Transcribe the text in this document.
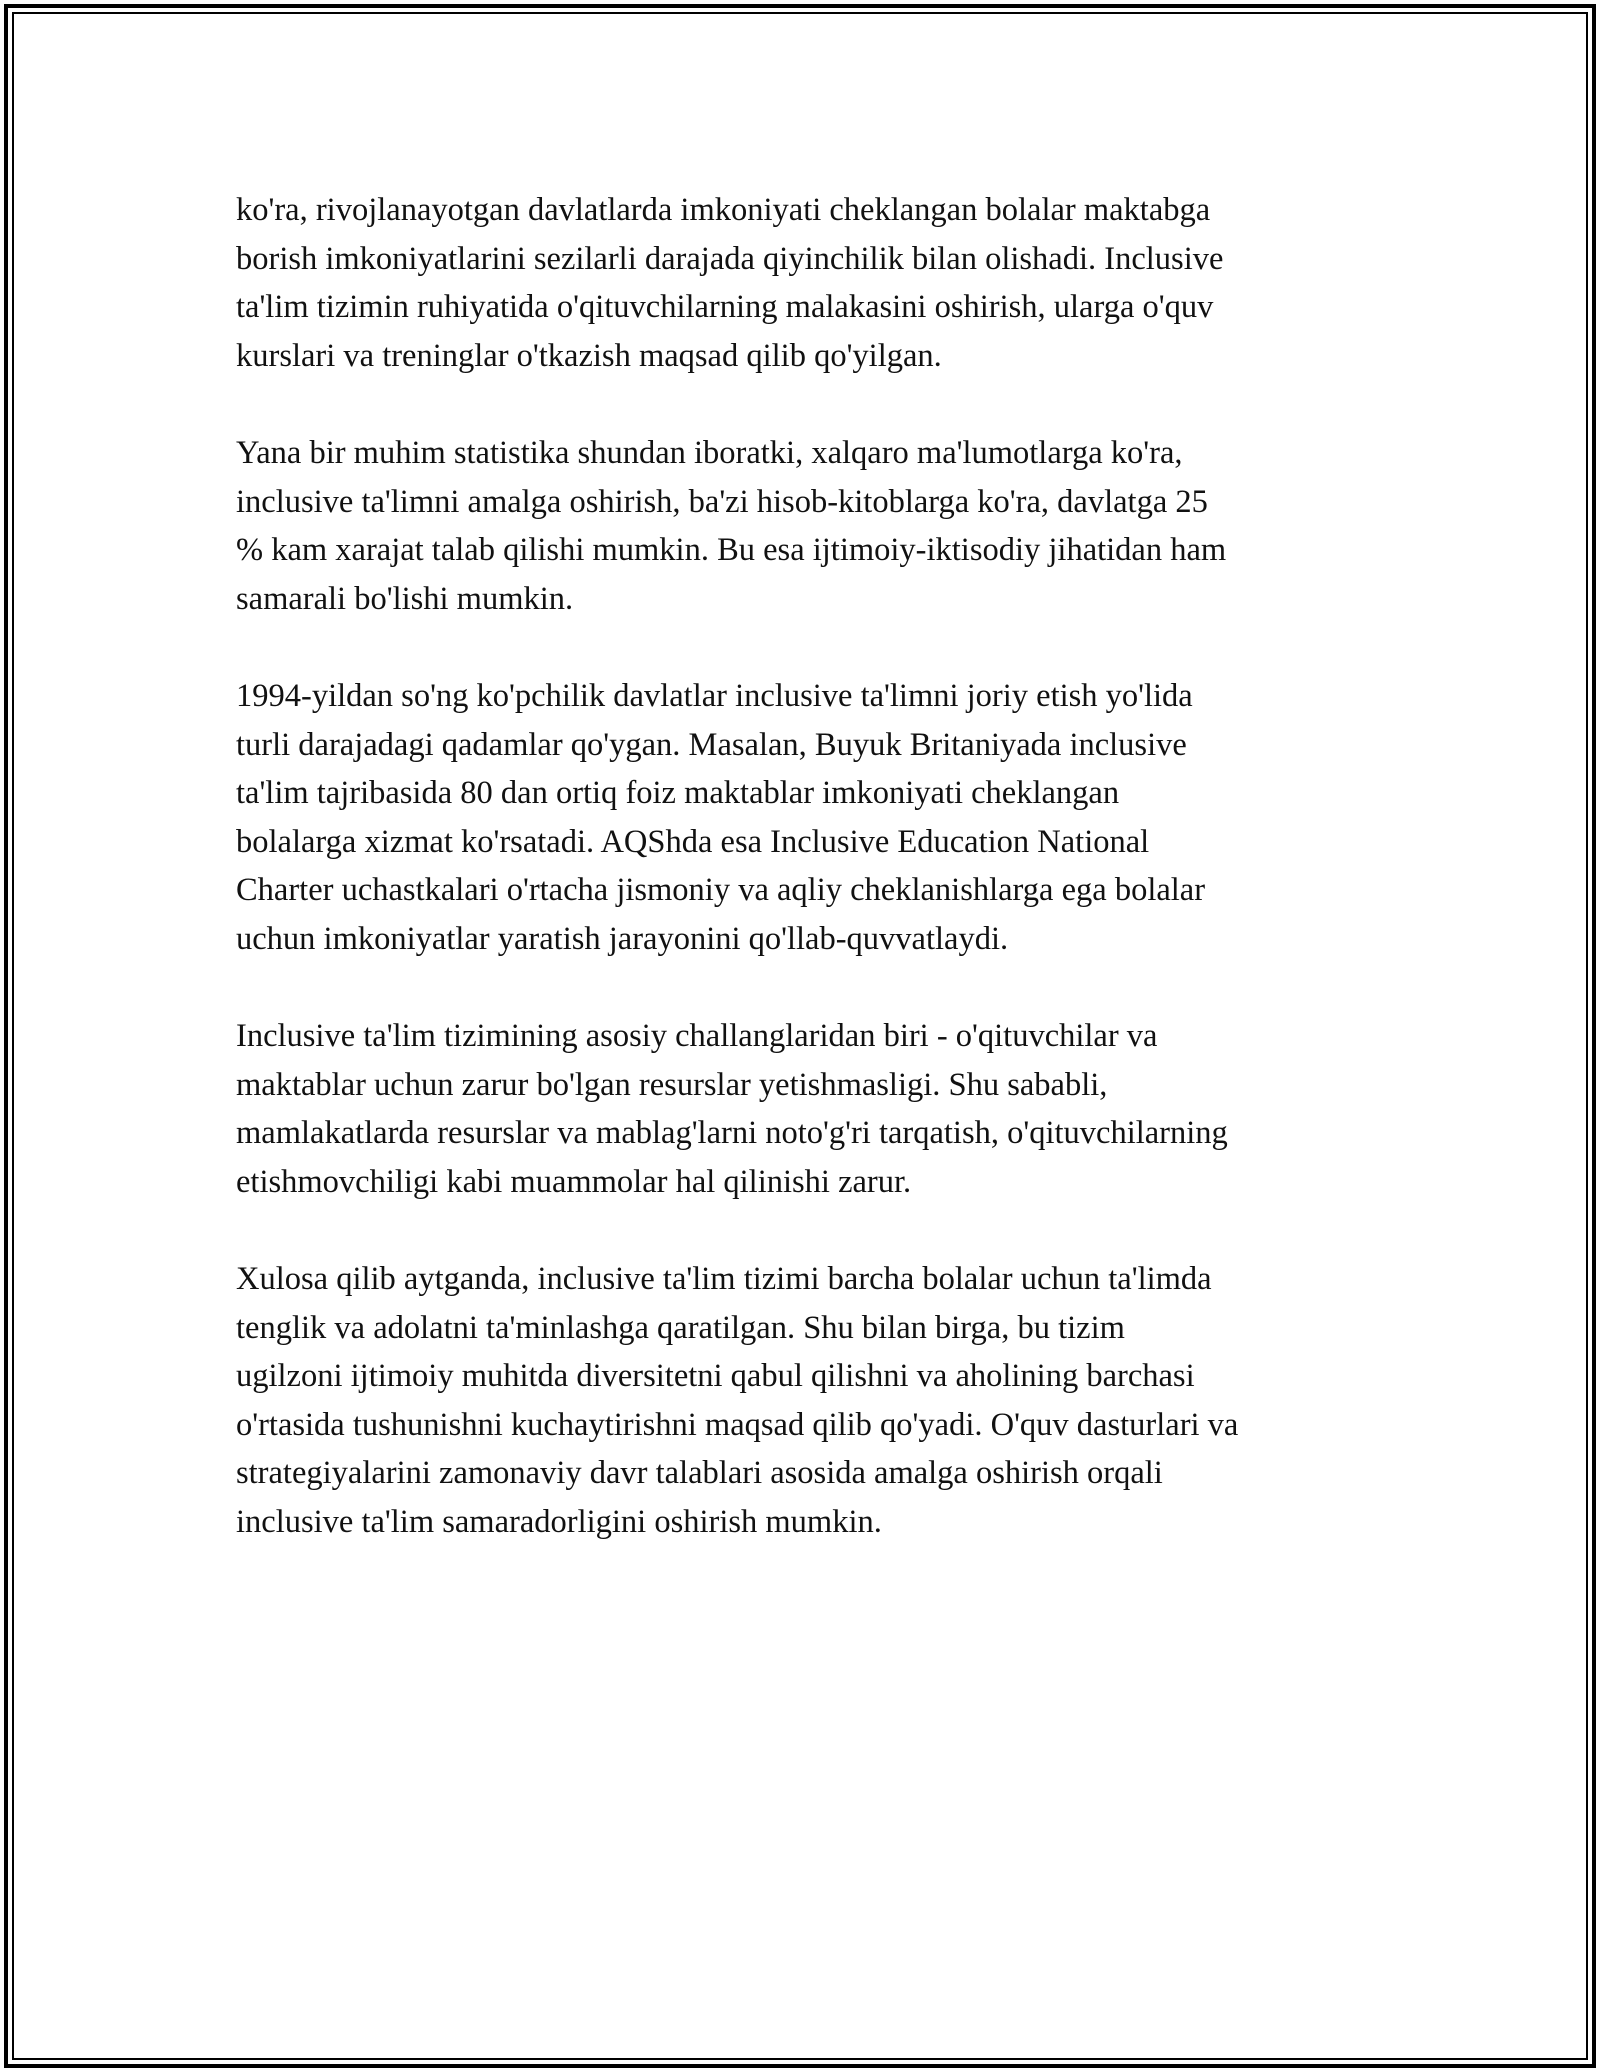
ko'ra, rivojlanayotgan davlatlarda imkoniyati cheklangan bolalar maktabga
borish imkoniyatlarini sezilarli darajada qiyinchilik bilan olishadi. Inclusive
ta'lim tizimin ruhiyatida o'qituvchilarning malakasini oshirish, ularga o'quv
kurslari va treninglar o'tkazish maqsad qilib qo'yilgan.

Yana bir muhim statistika shundan iboratki, xalqaro ma'lumotlarga ko'ra,
inclusive ta'limni amalga oshirish, ba'zi hisob-kitoblarga ko'ra, davlatga 25
% kam xarajat talab qilishi mumkin. Bu esa ijtimoiy-iktisodiy jihatidan ham
samarali bo'lishi mumkin.

1994-yildan so'ng ko'pchilik davlatlar inclusive ta'limni joriy etish yo'lida
turli darajadagi qadamlar qo'ygan. Masalan, Buyuk Britaniyada inclusive
ta'lim tajribasida 80 dan ortiq foiz maktablar imkoniyati cheklangan
bolalarga xizmat ko'rsatadi. AQShda esa Inclusive Education National
Charter uchastkalari o'rtacha jismoniy va aqliy cheklanishlarga ega bolalar
uchun imkoniyatlar yaratish jarayonini qo'llab-quvvatlaydi.

Inclusive ta'lim tizimining asosiy challanglaridan biri - o'qituvchilar va
maktablar uchun zarur bo'lgan resurslar yetishmasligi. Shu sababli,
mamlakatlarda resurslar va mablag'larni noto'g'ri tarqatish, o'qituvchilarning
etishmovchiligi kabi muammolar hal qilinishi zarur.

Xulosa qilib aytganda, inclusive ta'lim tizimi barcha bolalar uchun ta'limda
tenglik va adolatni ta'minlashga qaratilgan. Shu bilan birga, bu tizim
ugilzoni ijtimoiy muhitda diversitetni qabul qilishni va aholining barchasi
o'rtasida tushunishni kuchaytirishni maqsad qilib qo'yadi. O'quv dasturlari va
strategiyalarini zamonaviy davr talablari asosida amalga oshirish orqali
inclusive ta'lim samaradorligini oshirish mumkin.
